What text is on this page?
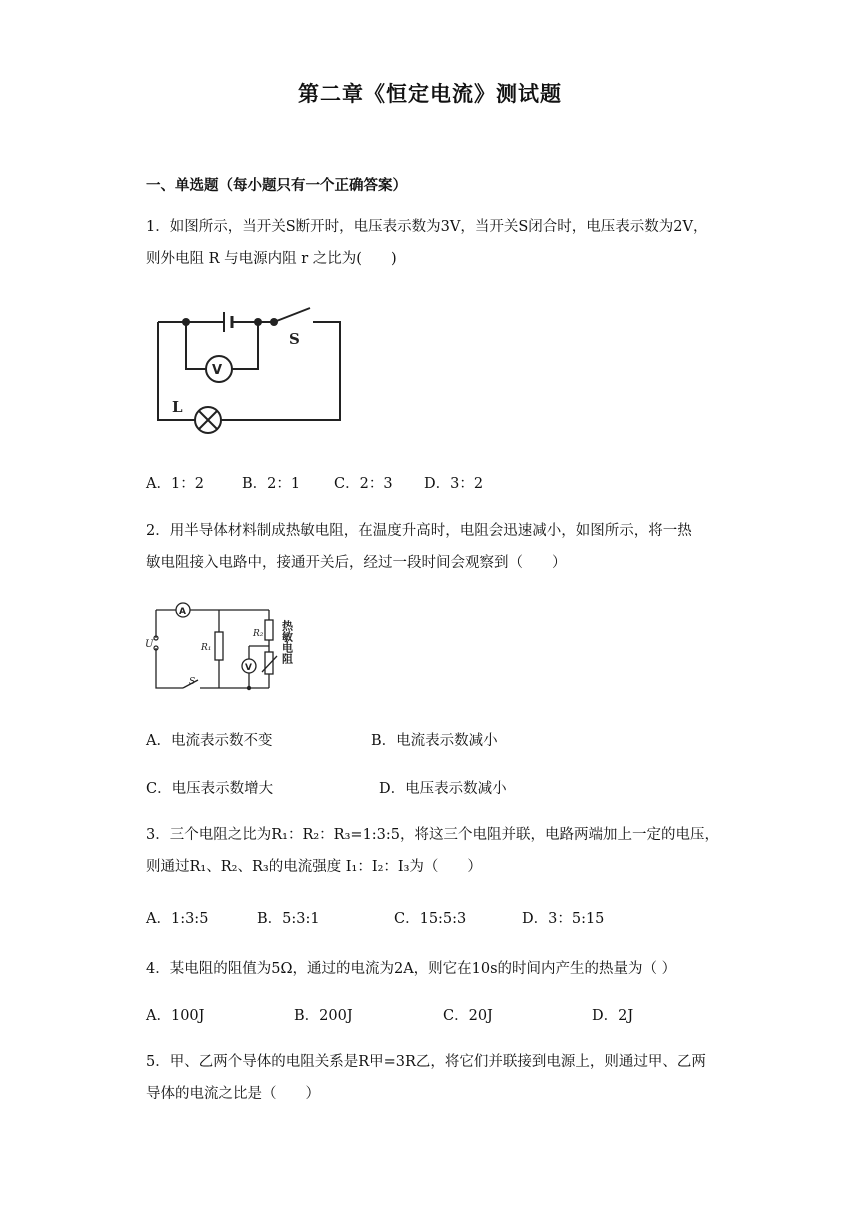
第二章《恒定电流》测试题
一、单选题（每小题只有一个正确答案）
1．如图所示，当开关S断开时，电压表示数为3V，当开关S闭合时，电压表示数为2V，
则外电阻 R 与电源内阻 r 之比为(　　)
V
S
L
A．1：2	B．2：1 C．2：3 D．3：2
2．用半导体材料制成热敏电阻，在温度升高时，电阻会迅速减小，如图所示，将一热
敏电阻接入电路中，接通开关后，经过一段时间会观察到（　　）
A
U	R₁
R₂
V
S
热敏电阻
A．电流表示数不变	B．电流表示数减小
C．电压表示数增大	D．电压表示数减小
3．三个电阻之比为R₁：R₂：R₃=1:3:5，将这三个电阻并联，电路两端加上一定的电压，
则通过R₁、R₂、R₃的电流强度 I₁：I₂：I₃为（　　）
A．1:3:5	B．5:3:1	C．15:5:3	D．3：5:15
4．某电阻的阻值为5Ω，通过的电流为2A，则它在10s的时间内产生的热量为（ ）
A．100J	B．200J	C．20J	D．2J
5．甲、乙两个导体的电阻关系是R甲=3R乙，将它们并联接到电源上，则通过甲、乙两
导体的电流之比是（　　）
